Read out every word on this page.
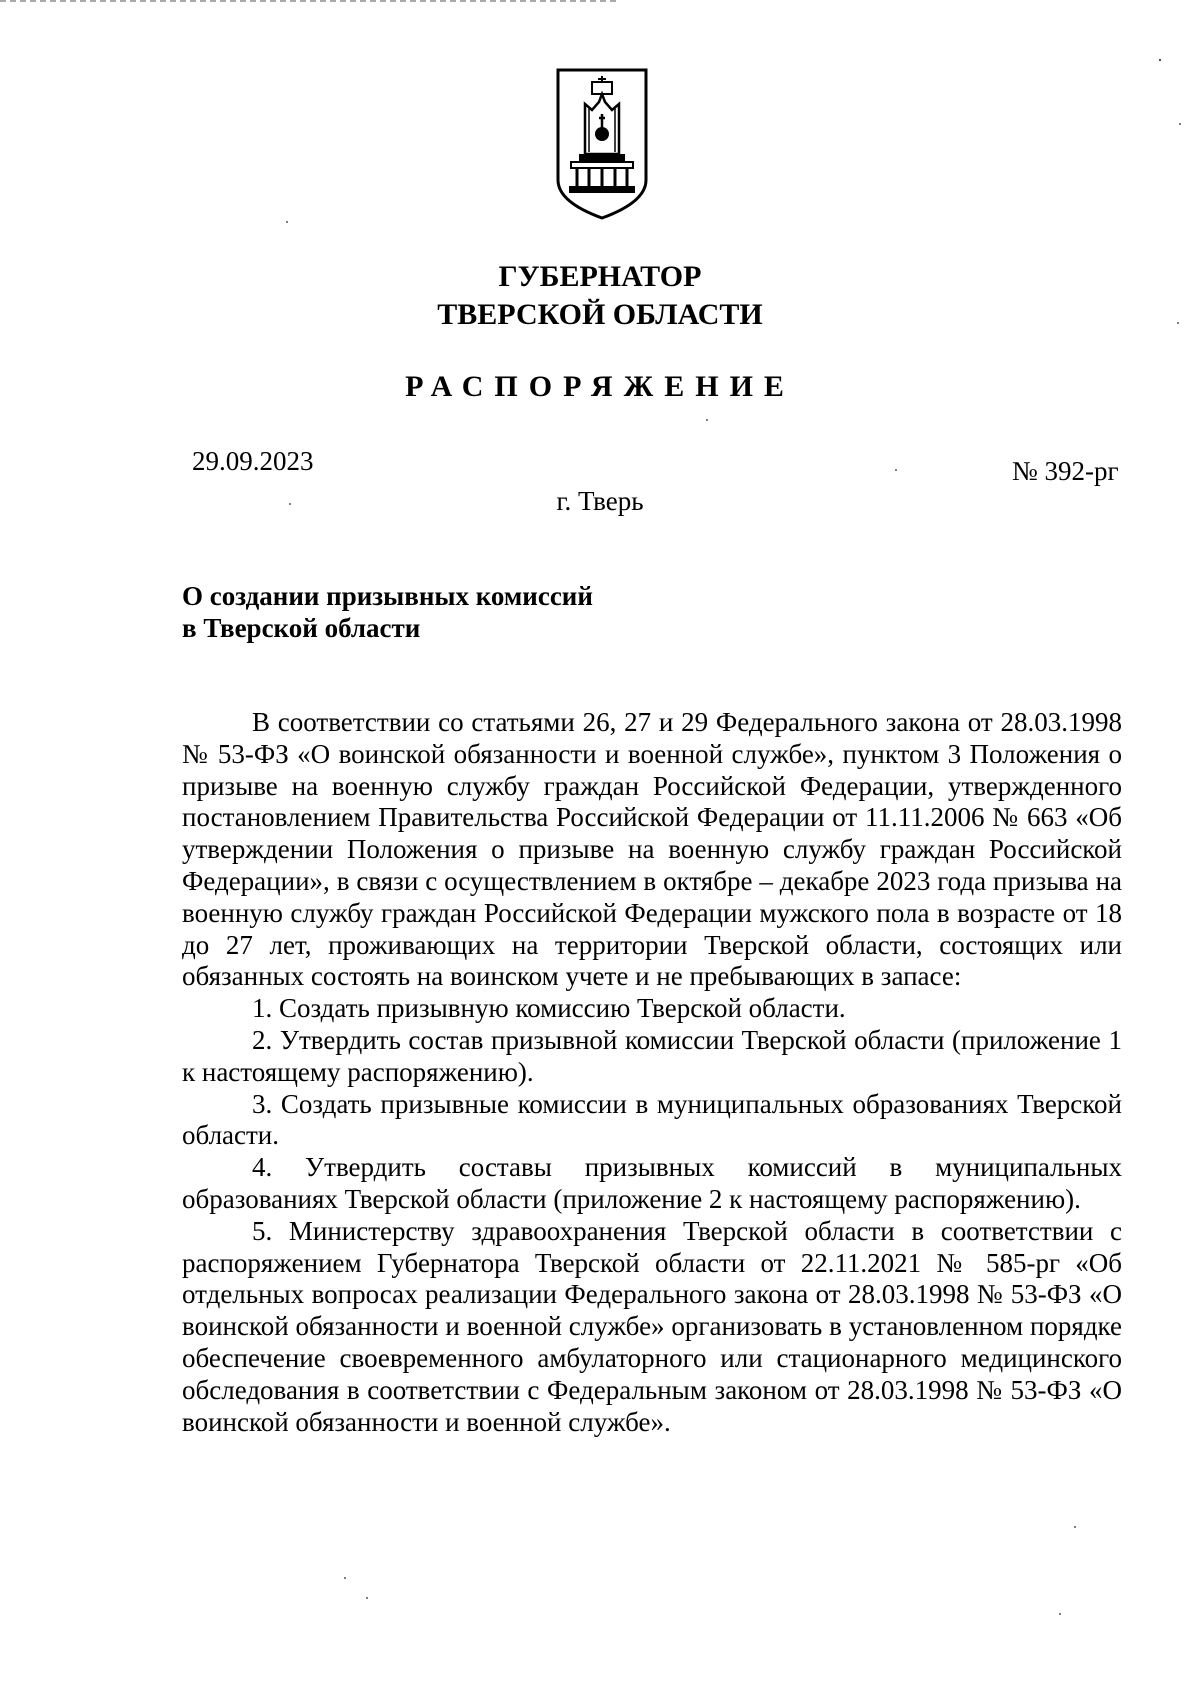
ГУБЕРНАТОР
ТВЕРСКОЙ ОБЛАСТИ
РАСПОРЯЖЕНИЕ
29.09.2023	№ 392-рг
г. Тверь
О создании призывных комиссий
в Тверской области

В соответствии со статьями 26, 27 и 29 Федерального закона от 28.03.1998 № 53-ФЗ «О воинской обязанности и военной службе», пунктом 3 Положения о призыве на военную службу граждан Российской Федерации, утвержденного постановлением Правительства Российской Федерации от 11.11.2006 № 663 «Об утверждении Положения о призыве на военную службу граждан Российской Федерации», в связи с осуществлением в октябре – декабре 2023 года призыва на военную службу граждан Российской Федерации мужского пола в возрасте от 18 до 27 лет, проживающих на территории Тверской области, состоящих или обязанных состоять на воинском учете и не пребывающих в запасе:

1. Создать призывную комиссию Тверской области.

2. Утвердить состав призывной комиссии Тверской области (приложение 1 к настоящему распоряжению).

3. Создать призывные комиссии в муниципальных образованиях Тверской области.

4. Утвердить составы призывных комиссий в муниципальных образованиях Тверской области (приложение 2 к настоящему распоряжению).

5. Министерству здравоохранения Тверской области в соответствии с распоряжением Губернатора Тверской области от 22.11.2021 № 585-рг «Об отдельных вопросах реализации Федерального закона от 28.03.1998 № 53-ФЗ «О воинской обязанности и военной службе» организовать в установленном порядке обеспечение своевременного амбулаторного или стационарного медицинского обследования в соответствии с Федеральным законом от 28.03.1998 № 53-ФЗ «О воинской обязанности и военной службе».
